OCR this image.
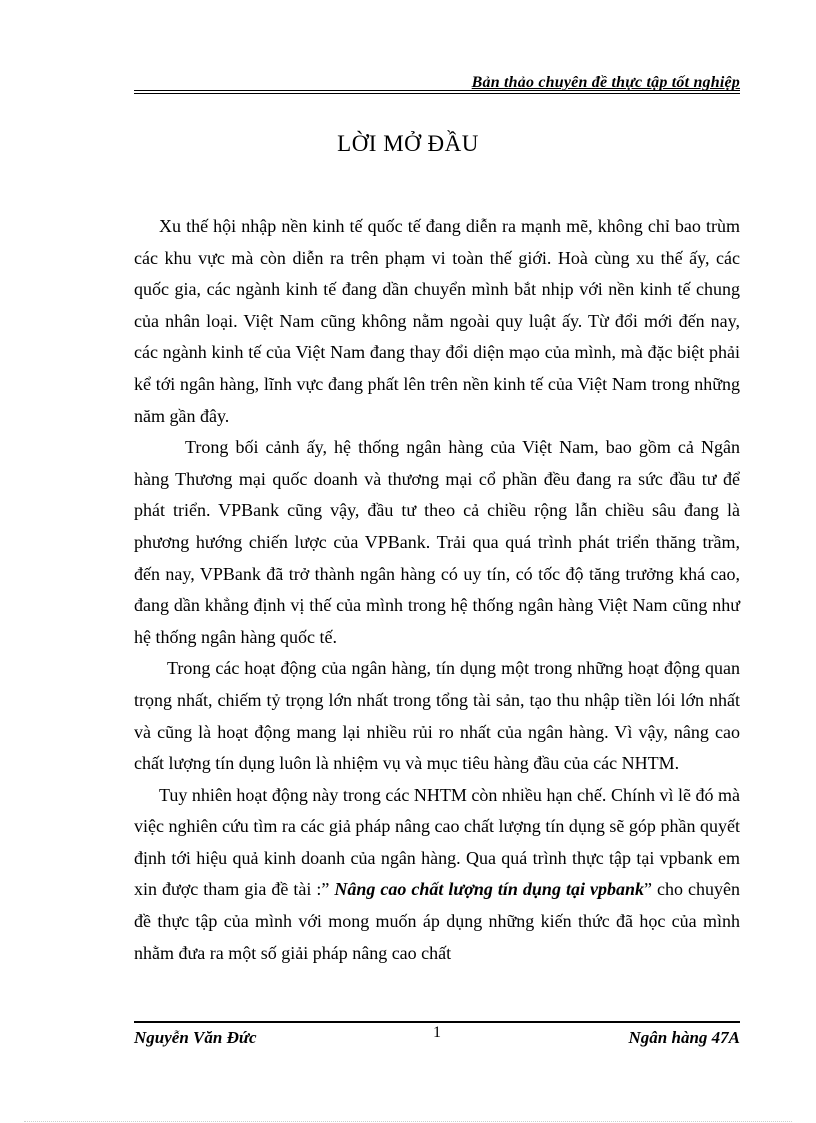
Bản thảo chuyên đề thực tập tốt nghiệp
LỜI MỞ ĐẦU

Xu thế hội nhập nền kinh tế quốc tế đang diễn ra mạnh mẽ, không chỉ bao trùm các khu vực mà còn diễn ra trên phạm vi toàn thế giới. Hoà cùng xu thế ấy, các quốc gia, các ngành kinh tế đang dần chuyển mình bắt nhịp với nền kinh tế chung của nhân loại. Việt Nam cũng không nằm ngoài quy luật ấy. Từ đổi mới đến nay, các ngành kinh tế của Việt Nam đang thay đổi diện mạo của mình, mà đặc biệt phải kể tới ngân hàng, lĩnh vực đang phất lên trên nền kinh tế của Việt Nam trong những năm gần đây.

Trong bối cảnh ấy, hệ thống ngân hàng của Việt Nam, bao gồm cả Ngân hàng Thương mại quốc doanh và thương mại cổ phần đều đang ra sức đầu tư để phát triển. VPBank cũng vậy, đầu tư theo cả chiều rộng lẫn chiều sâu đang là phương hướng chiến lược của VPBank. Trải qua quá trình phát triển thăng trầm, đến nay, VPBank đã trở thành ngân hàng có uy tín, có tốc độ tăng trưởng khá cao, đang dần khẳng định vị thế của mình trong hệ thống ngân hàng Việt Nam cũng như hệ thống ngân hàng quốc tế.

Trong các hoạt động của ngân hàng, tín dụng một trong những hoạt động quan trọng nhất, chiếm tỷ trọng lớn nhất trong tổng tài sản, tạo thu nhập tiền lói lớn nhất và cũng là hoạt động mang lại nhiều rủi ro nhất của ngân hàng. Vì vậy, nâng cao chất lượng tín dụng luôn là nhiệm vụ và mục tiêu hàng đầu của các NHTM.

Tuy nhiên hoạt động này trong các NHTM còn nhiều hạn chế. Chính vì lẽ đó mà việc nghiên cứu tìm ra các giả pháp nâng cao chất lượng tín dụng sẽ góp phần quyết định tới hiệu quả kinh doanh của ngân hàng. Qua quá trình thực tập tại vpbank em xin được tham gia đề tài :” Nâng cao chất lượng tín dụng tại vpbank” cho chuyên đề thực tập của mình với mong muốn áp dụng những kiến thức đã học của mình nhằm đưa ra một số giải pháp nâng cao chất

Nguyễn Văn Đức	1	Ngân hàng 47A
